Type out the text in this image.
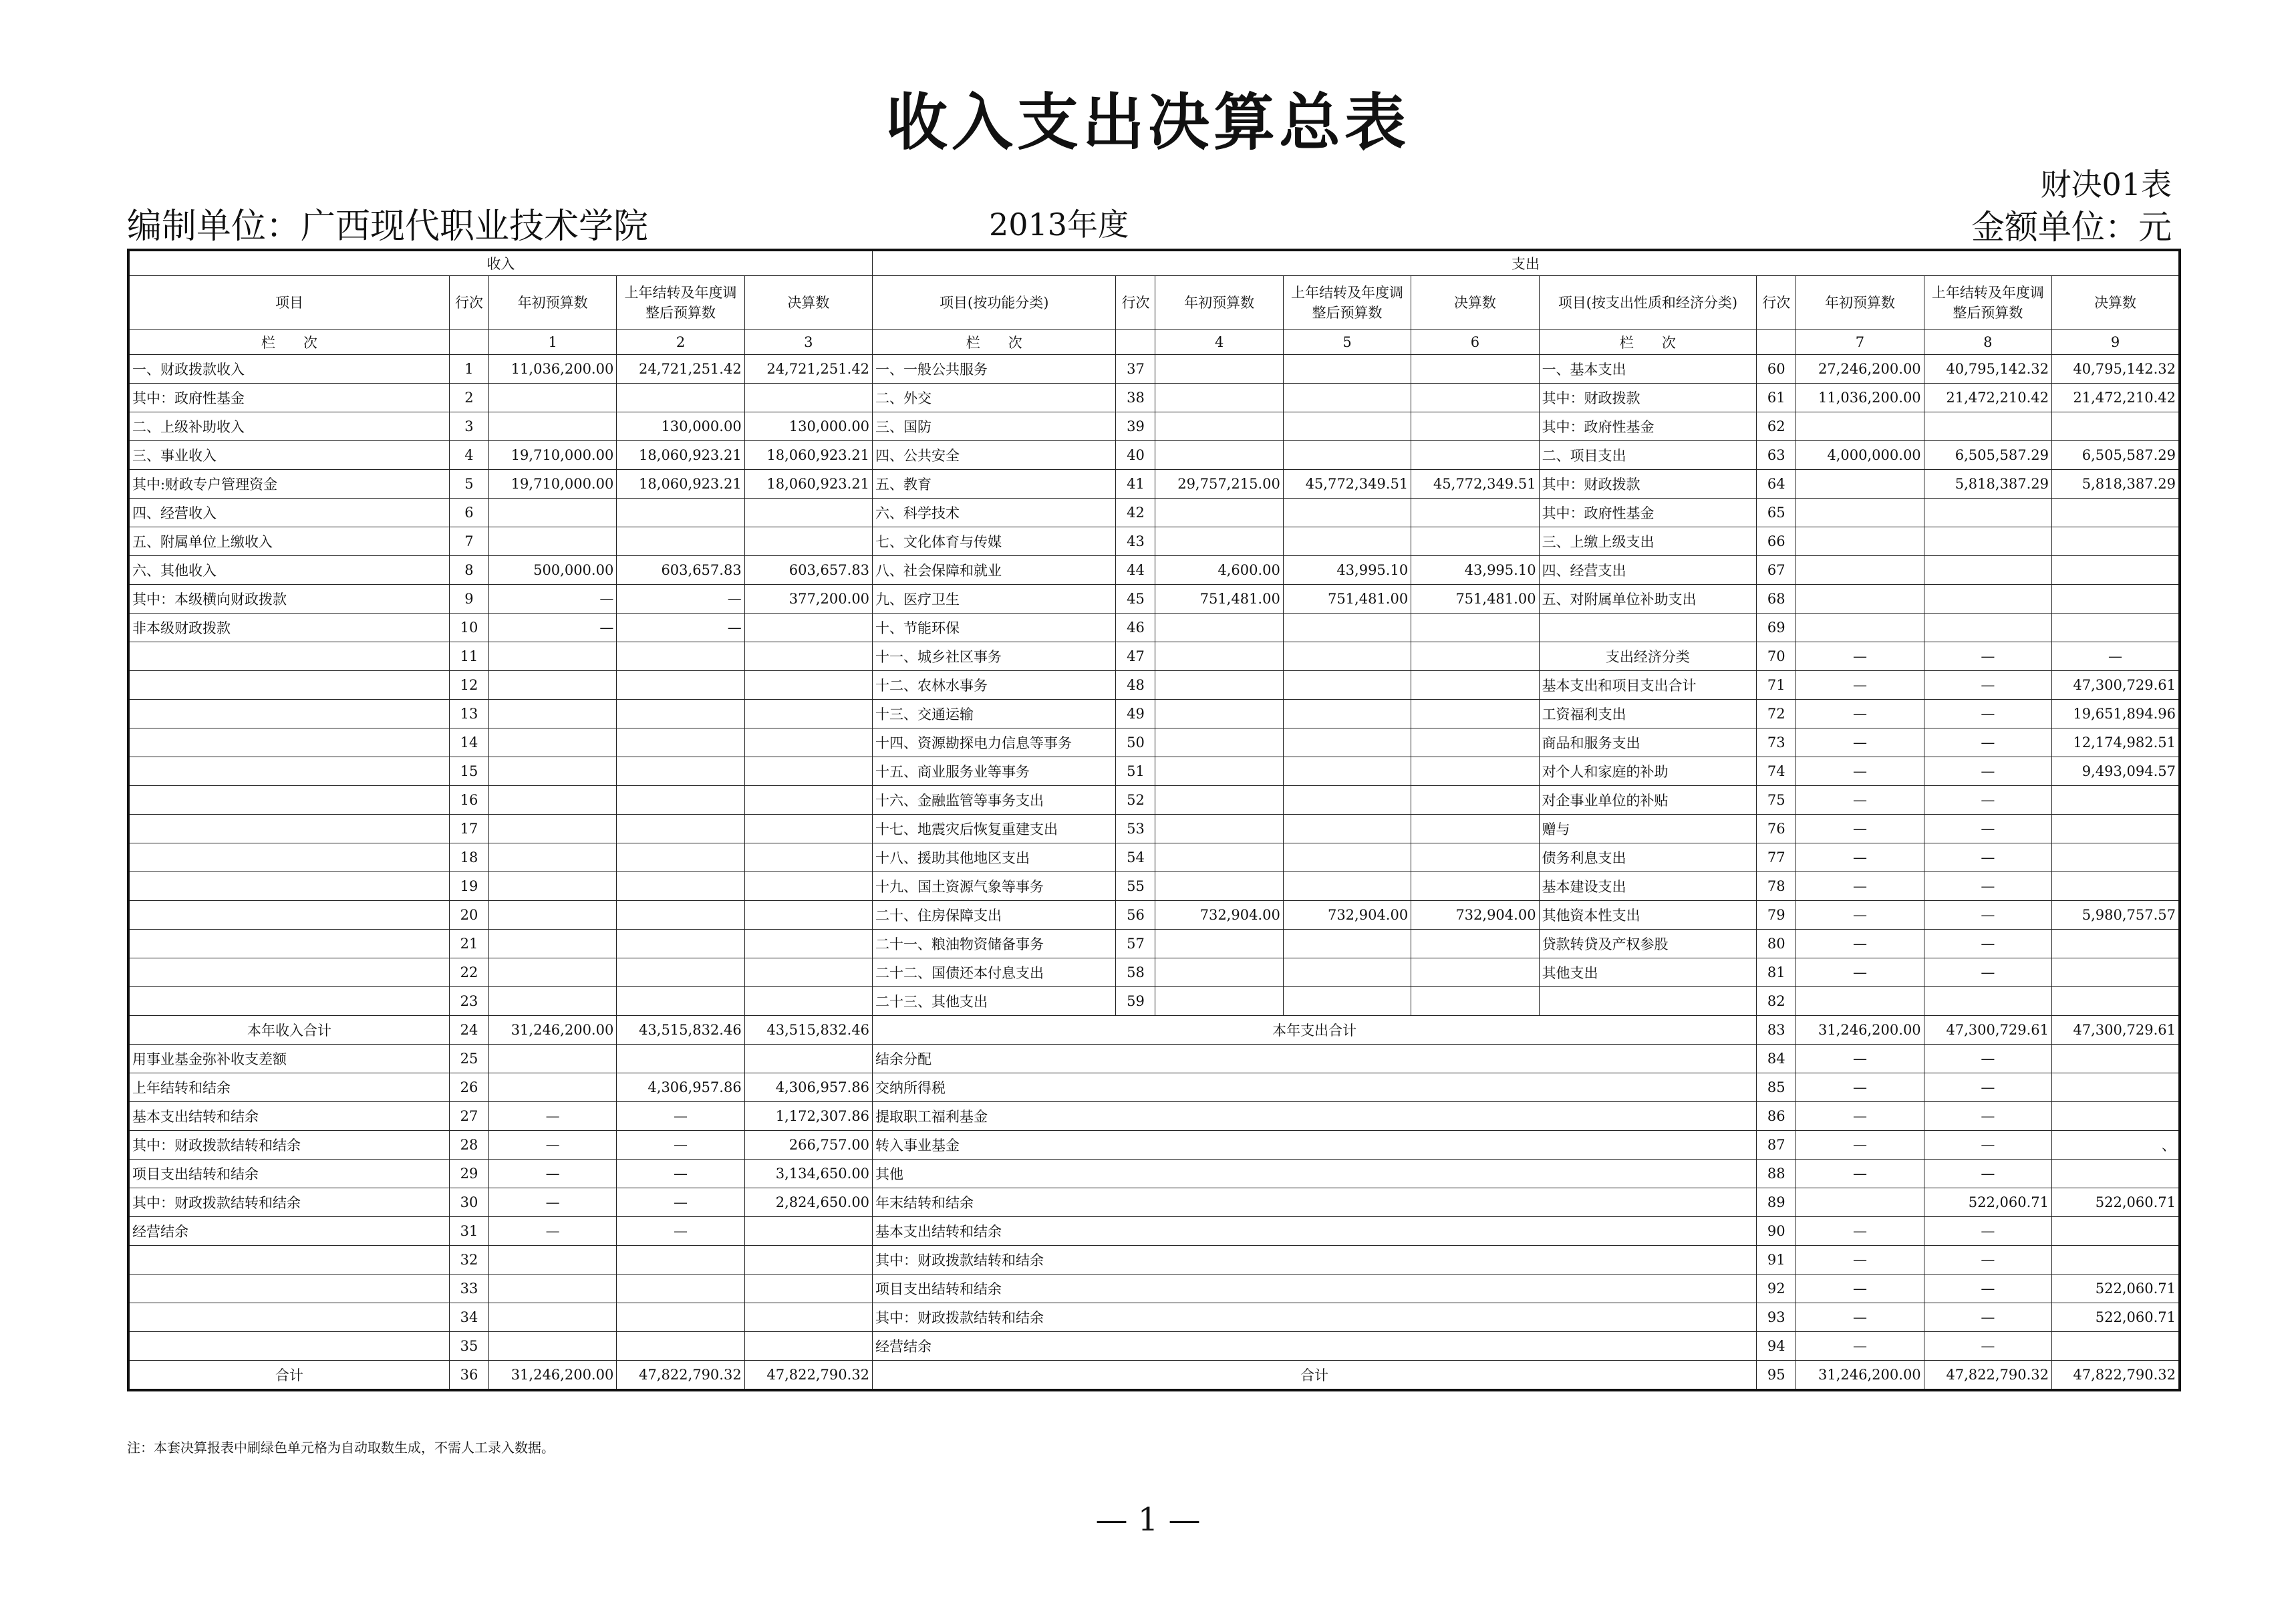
收入支出决算总表
财决01表
编制单位：广西现代职业技术学院	2013年度	金额单位：元
收入					支出									
项目	行次	年初预算数	上年结转及年度调整后预算数	决算数	项目(按功能分类)	行次	年初预算数	上年结转及年度调整后预算数	决算数	项目(按支出性质和经济分类)	行次	年初预算数	上年结转及年度调整后预算数	决算数
栏　　次		1	2	3	栏　　次		4	5	6	栏　　次		7	8	9
一、财政拨款收入	1	11,036,200.00	24,721,251.42	24,721,251.42	一、一般公共服务	37				一、基本支出	60	27,246,200.00	40,795,142.32	40,795,142.32
其中：政府性基金	2				二、外交	38				其中：财政拨款	61	11,036,200.00	21,472,210.42	21,472,210.42
二、上级补助收入	3		130,000.00	130,000.00	三、国防	39				其中：政府性基金	62			
三、事业收入	4	19,710,000.00	18,060,923.21	18,060,923.21	四、公共安全	40				二、项目支出	63	4,000,000.00	6,505,587.29	6,505,587.29
其中:财政专户管理资金	5	19,710,000.00	18,060,923.21	18,060,923.21	五、教育	41	29,757,215.00	45,772,349.51	45,772,349.51	其中：财政拨款	64		5,818,387.29	5,818,387.29
四、经营收入	6				六、科学技术	42				其中：政府性基金	65			
五、附属单位上缴收入	7				七、文化体育与传媒	43				三、上缴上级支出	66			
六、其他收入	8	500,000.00	603,657.83	603,657.83	八、社会保障和就业	44	4,600.00	43,995.10	43,995.10	四、经营支出	67			
其中：本级横向财政拨款	9	—	—	377,200.00	九、医疗卫生	45	751,481.00	751,481.00	751,481.00	五、对附属单位补助支出	68			
非本级财政拨款	10	—	—		十、节能环保	46					69			
	11				十一、城乡社区事务	47				支出经济分类	70	—	—	—
	12				十二、农林水事务	48				基本支出和项目支出合计	71	—	—	47,300,729.61
	13				十三、交通运输	49				工资福利支出	72	—	—	19,651,894.96
	14				十四、资源勘探电力信息等事务	50				商品和服务支出	73	—	—	12,174,982.51
	15				十五、商业服务业等事务	51				对个人和家庭的补助	74	—	—	9,493,094.57
	16				十六、金融监管等事务支出	52				对企事业单位的补贴	75	—	—	
	17				十七、地震灾后恢复重建支出	53				赠与	76	—	—	
	18				十八、援助其他地区支出	54				债务利息支出	77	—	—	
	19				十九、国土资源气象等事务	55				基本建设支出	78	—	—	
	20				二十、住房保障支出	56	732,904.00	732,904.00	732,904.00	其他资本性支出	79	—	—	5,980,757.57
	21				二十一、粮油物资储备事务	57				贷款转贷及产权参股	80	—	—	
	22				二十二、国债还本付息支出	58				其他支出	81	—	—	
	23				二十三、其他支出	59					82			
本年收入合计	24	31,246,200.00	43,515,832.46	43,515,832.46	本年支出合计						83	31,246,200.00	47,300,729.61	47,300,729.61
用事业基金弥补收支差额	25				结余分配						84	—	—	
上年结转和结余	26		4,306,957.86	4,306,957.86	交纳所得税						85	—	—	
基本支出结转和结余	27	—	—	1,172,307.86	提取职工福利基金						86	—	—	
其中：财政拨款结转和结余	28	—	—	266,757.00	转入事业基金						87	—	—	、
项目支出结转和结余	29	—	—	3,134,650.00	其他						88	—	—	
其中：财政拨款结转和结余	30	—	—	2,824,650.00	年末结转和结余						89		522,060.71	522,060.71
经营结余	31	—	—		基本支出结转和结余						90	—	—	
	32				其中：财政拨款结转和结余						91	—	—	
	33				项目支出结转和结余						92	—	—	522,060.71
	34				其中：财政拨款结转和结余						93	—	—	522,060.71
	35				经营结余						94	—	—	
合计	36	31,246,200.00	47,822,790.32	47,822,790.32	合计						95	31,246,200.00	47,822,790.32	47,822,790.32
注：本套决算报表中刷绿色单元格为自动取数生成，不需人工录入数据。
— 1 —
